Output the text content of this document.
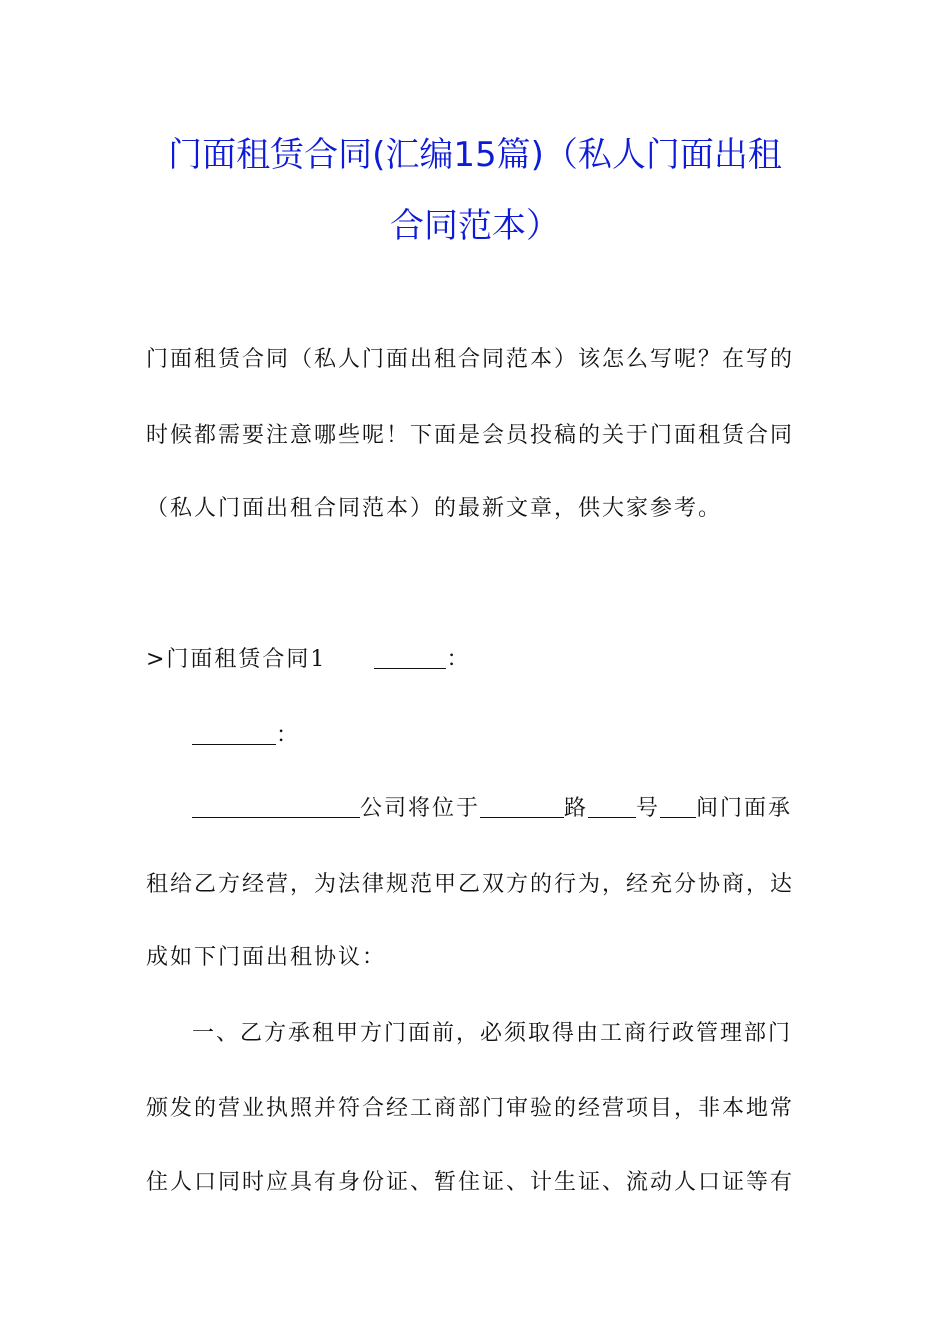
门面租赁合同(汇编15篇)（私人门面出租
合同范本）
门面租赁合同（私人门面出租合同范本）该怎么写呢？在写的
时候都需要注意哪些呢！下面是会员投稿的关于门面租赁合同
（私人门面出租合同范本）的最新文章，供大家参考。
>门面租赁合同1	：
：
公司将位于	路 号 间门面承
租给乙方经营，为法律规范甲乙双方的行为，经充分协商，达
成如下门面出租协议：
一、乙方承租甲方门面前，必须取得由工商行政管理部门
颁发的营业执照并符合经工商部门审验的经营项目，非本地常
住人口同时应具有身份证、暂住证、计生证、流动人口证等有
